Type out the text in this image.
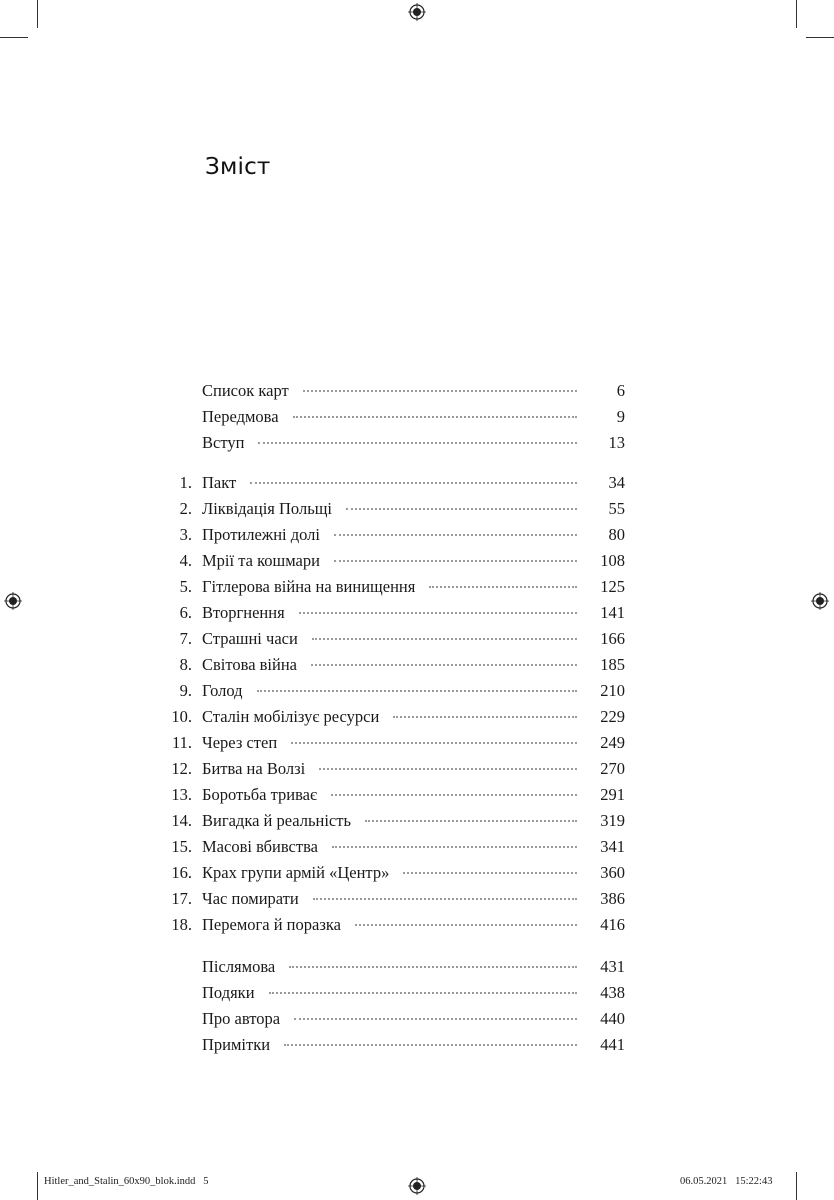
Зміст
Список карт	6
Передмова	9
Вступ	13
1. Пакт	34
2. Ліквідація Польщі	55
3. Протилежні долі	80
4. Мрії та кошмари	108
5. Гітлерова війна на винищення	125
6. Вторгнення	141
7. Страшні часи	166
8. Світова війна	185
9. Голод	210
10. Сталін мобілізує ресурси	229
11. Через степ	249
12. Битва на Волзі	270
13. Боротьба триває	291
14. Вигадка й реальність	319
15. Масові вбивства	341
16. Крах групи армій «Центр»	360
17. Час помирати	386
18. Перемога й поразка	416
Післямова	431
Подяки	438
Про автора	440
Примітки	441
Hitler_and_Stalin_60x90_blok.indd   5	06.05.2021   15:22:43
